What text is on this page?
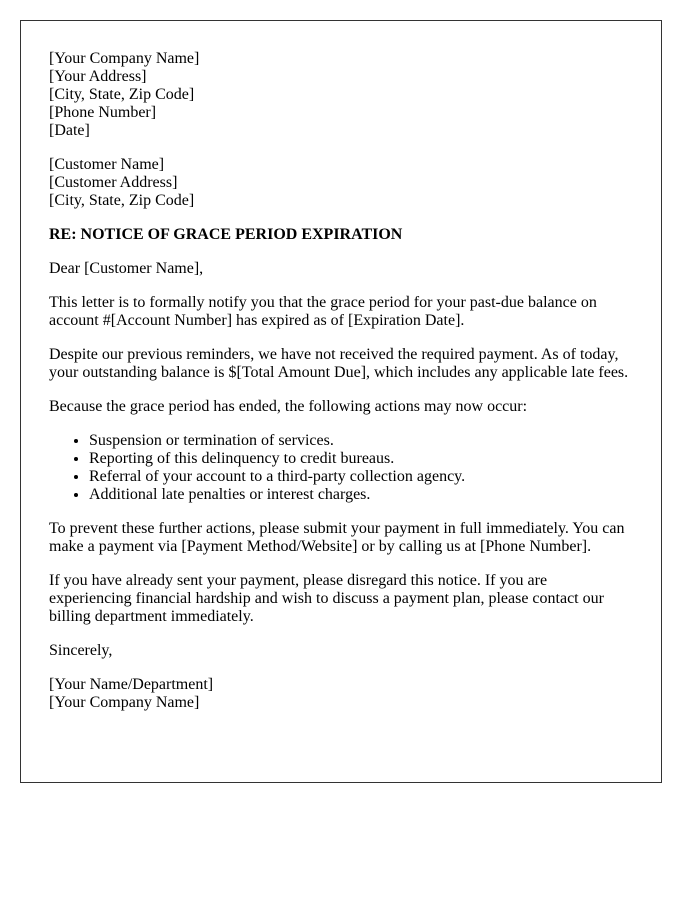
[Your Company Name]
[Your Address]
[City, State, Zip Code]
[Phone Number]
[Date]

[Customer Name]
[Customer Address]
[City, State, Zip Code]

RE: NOTICE OF GRACE PERIOD EXPIRATION

Dear [Customer Name],

This letter is to formally notify you that the grace period for your past-due balance on account #[Account Number] has expired as of [Expiration Date].

Despite our previous reminders, we have not received the required payment. As of today, your outstanding balance is $[Total Amount Due], which includes any applicable late fees.

Because the grace period has ended, the following actions may now occur:

• Suspension or termination of services.
• Reporting of this delinquency to credit bureaus.
• Referral of your account to a third-party collection agency.
• Additional late penalties or interest charges.

To prevent these further actions, please submit your payment in full immediately. You can make a payment via [Payment Method/Website] or by calling us at [Phone Number].

If you have already sent your payment, please disregard this notice. If you are experiencing financial hardship and wish to discuss a payment plan, please contact our billing department immediately.

Sincerely,

[Your Name/Department]
[Your Company Name]
